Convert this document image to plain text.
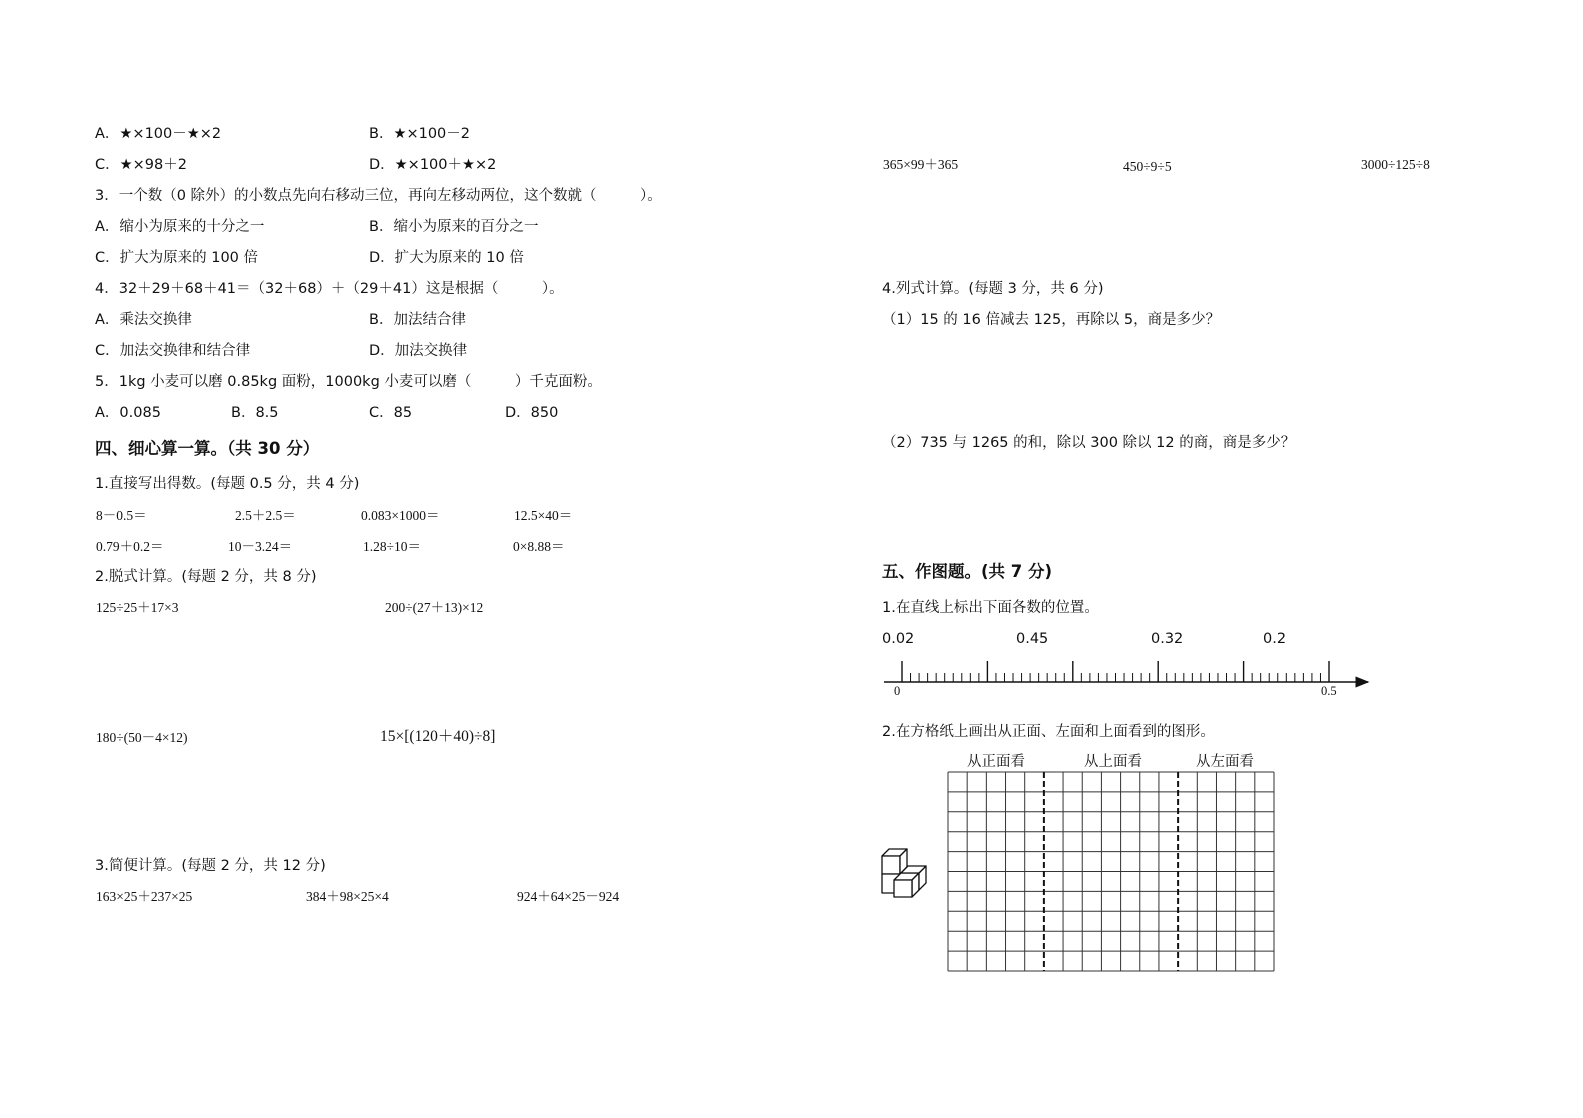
A．★×100－★×2	B．★×100－2
C．★×98＋2	D．★×100＋★×2
3．一个数（0 除外）的小数点先向右移动三位，再向左移动两位，这个数就（　　　）。
A．缩小为原来的十分之一	B．缩小为原来的百分之一
C．扩大为原来的 100 倍	D．扩大为原来的 10 倍
4．32＋29＋68＋41＝（32＋68）＋（29＋41）这是根据（　　　）。
A．乘法交换律	B．加法结合律
C．加法交换律和结合律	D．加法交换律
5．1kg 小麦可以磨 0.85kg 面粉，1000kg 小麦可以磨（　　　）千克面粉。
A．0.085	B．8.5	C．85	D．850
四、细心算一算。（共 30 分）
1.直接写出得数。(每题 0.5 分，共 4 分)
8－0.5＝	2.5＋2.5＝	0.083×1000＝	12.5×40＝
0.79＋0.2＝	10－3.24＝	1.28÷10＝	0×8.88＝
2.脱式计算。(每题 2 分，共 8 分)
125÷25＋17×3	200÷(27＋13)×12
180÷(50－4×12)	15×[(120＋40)÷8]
3.简便计算。(每题 2 分，共 12 分)
163×25＋237×25	384＋98×25×4	924＋64×25－924
365×99＋365	450÷9÷5	3000÷125÷8
4.列式计算。(每题 3 分，共 6 分)
（1）15 的 16 倍减去 125，再除以 5，商是多少？
（2）735 与 1265 的和，除以 300 除以 12 的商，商是多少？
五、作图题。(共 7 分)
1.在直线上标出下面各数的位置。
0.02	0.45	0.32	0.2
0	0.5
2.在方格纸上画出从正面、左面和上面看到的图形。
从正面看	从上面看	从左面看
